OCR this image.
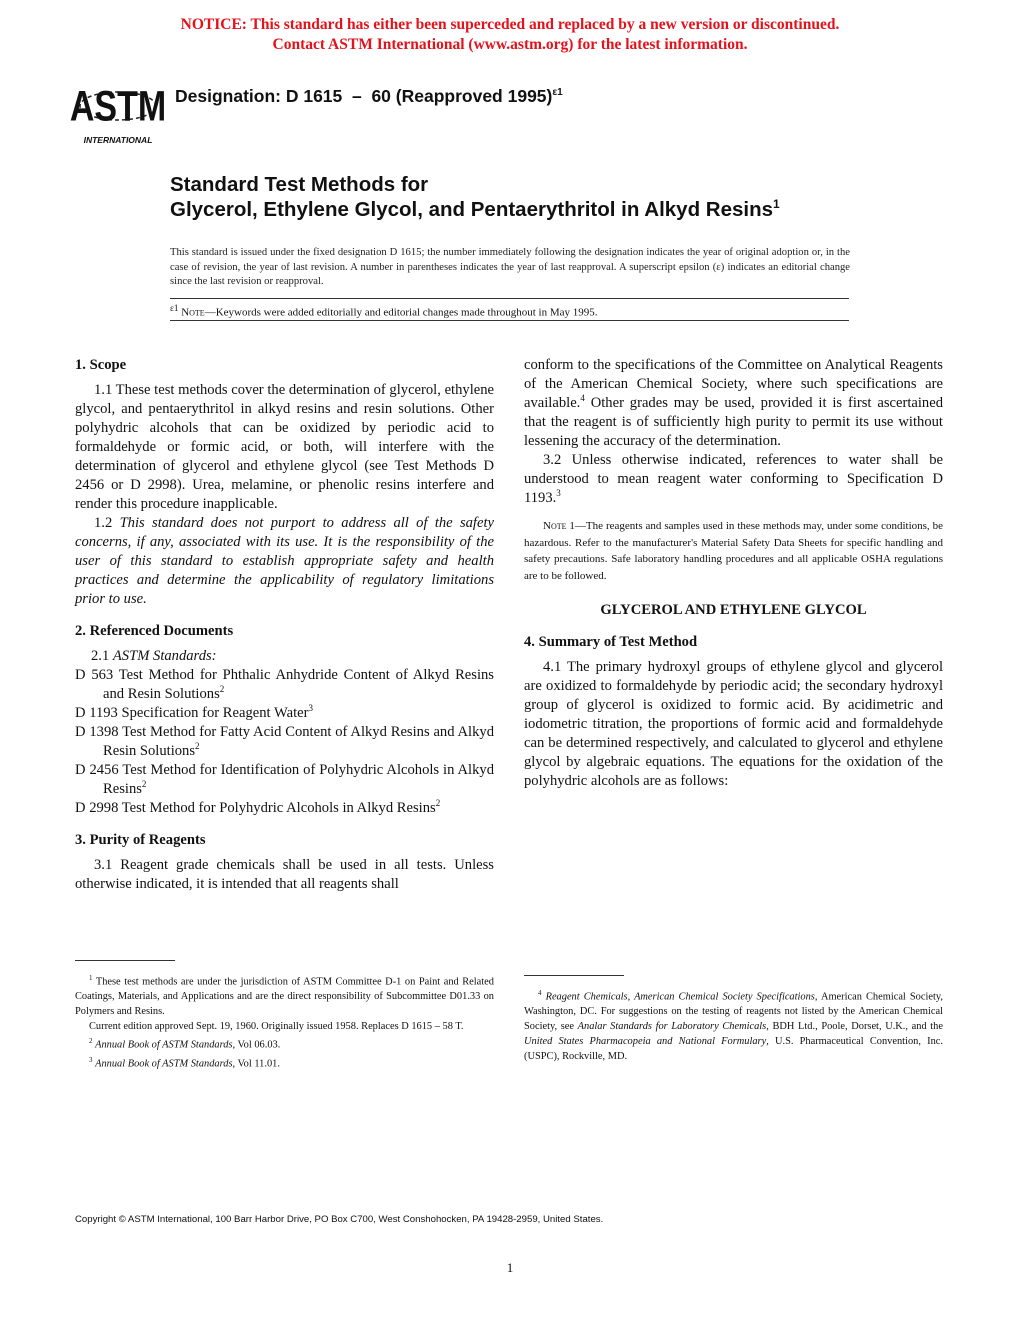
NOTICE: This standard has either been superceded and replaced by a new version or discontinued.
Contact ASTM International (www.astm.org) for the latest information.
ASTM
INTERNATIONAL
Designation: D 1615  –  60 (Reapproved 1995)$^{\varepsilon 1}$
Standard Test Methods for
Glycerol, Ethylene Glycol, and Pentaerythritol in Alkyd Resins$^1$
This standard is issued under the fixed designation D 1615; the number immediately following the designation indicates the year of original adoption or, in the case of revision, the year of last revision. A number in parentheses indicates the year of last reapproval. A superscript epsilon (ε) indicates an editorial change since the last revision or reapproval.
$^{\varepsilon 1}$ Note—Keywords were added editorially and editorial changes made throughout in May 1995.
1. Scope

1.1 These test methods cover the determination of glycerol, ethylene glycol, and pentaerythritol in alkyd resins and resin solutions. Other polyhydric alcohols that can be oxidized by periodic acid to formaldehyde or formic acid, or both, will interfere with the determination of glycerol and ethylene glycol (see Test Methods D 2456 or D 2998). Urea, melamine, or phenolic resins interfere and render this procedure inapplicable.

1.2 This standard does not purport to address all of the safety concerns, if any, associated with its use. It is the responsibility of the user of this standard to establish appropriate safety and health practices and determine the applicability of regulatory limitations prior to use.

2. Referenced Documents

2.1 ASTM Standards:

D 563 Test Method for Phthalic Anhydride Content of Alkyd Resins and Resin Solutions$^2$

D 1193 Specification for Reagent Water$^3$

D 1398 Test Method for Fatty Acid Content of Alkyd Resins and Alkyd Resin Solutions$^2$

D 2456 Test Method for Identification of Polyhydric Alcohols in Alkyd Resins$^2$

D 2998 Test Method for Polyhydric Alcohols in Alkyd Resins$^2$

3. Purity of Reagents

3.1 Reagent grade chemicals shall be used in all tests. Unless otherwise indicated, it is intended that all reagents shall

conform to the specifications of the Committee on Analytical Reagents of the American Chemical Society, where such specifications are available.$^4$ Other grades may be used, provided it is first ascertained that the reagent is of sufficiently high purity to permit its use without lessening the accuracy of the determination.

3.2 Unless otherwise indicated, references to water shall be understood to mean reagent water conforming to Specification D 1193.$^3$

Note 1—The reagents and samples used in these methods may, under some conditions, be hazardous. Refer to the manufacturer's Material Safety Data Sheets for specific handling and safety precautions. Safe laboratory handling procedures and all applicable OSHA regulations are to be followed.

GLYCEROL AND ETHYLENE GLYCOL
4. Summary of Test Method

4.1 The primary hydroxyl groups of ethylene glycol and glycerol are oxidized to formaldehyde by periodic acid; the secondary hydroxyl group of glycerol is oxidized to formic acid. By acidimetric and iodometric titration, the proportions of formic acid and formaldehyde can be determined respectively, and calculated to glycerol and ethylene glycol by algebraic equations. The equations for the oxidation of the polyhydric alcohols are as follows:

$^1$ These test methods are under the jurisdiction of ASTM Committee D-1 on Paint and Related Coatings, Materials, and Applications and are the direct responsibility of Subcommittee D01.33 on Polymers and Resins.

Current edition approved Sept. 19, 1960. Originally issued 1958. Replaces D 1615 – 58 T.

$^2$ Annual Book of ASTM Standards, Vol 06.03.

$^3$ Annual Book of ASTM Standards, Vol 11.01.

$^4$ Reagent Chemicals, American Chemical Society Specifications, American Chemical Society, Washington, DC. For suggestions on the testing of reagents not listed by the American Chemical Society, see Analar Standards for Laboratory Chemicals, BDH Ltd., Poole, Dorset, U.K., and the United States Pharmacopeia and National Formulary, U.S. Pharmaceutical Convention, Inc. (USPC), Rockville, MD.

Copyright © ASTM International, 100 Barr Harbor Drive, PO Box C700, West Conshohocken, PA 19428-2959, United States.
1
